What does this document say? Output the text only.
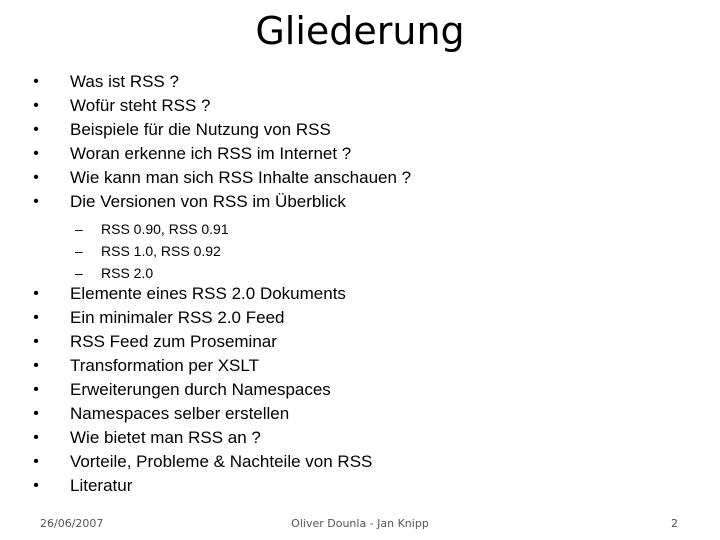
Gliederung
• Was ist RSS ?
• Wofür steht RSS ?
• Beispiele für die Nutzung von RSS
• Woran erkenne ich RSS im Internet ?
• Wie kann man sich RSS Inhalte anschauen ?
• Die Versionen von RSS im Überblick
– RSS 0.90, RSS 0.91
– RSS 1.0, RSS 0.92
– RSS 2.0
• Elemente eines RSS 2.0 Dokuments
• Ein minimaler RSS 2.0 Feed
• RSS Feed zum Proseminar
• Transformation per XSLT
• Erweiterungen durch Namespaces
• Namespaces selber erstellen
• Wie bietet man RSS an ?
• Vorteile, Probleme & Nachteile von RSS
• Literatur
26/06/2007	Oliver Dounla - Jan Knipp	2
